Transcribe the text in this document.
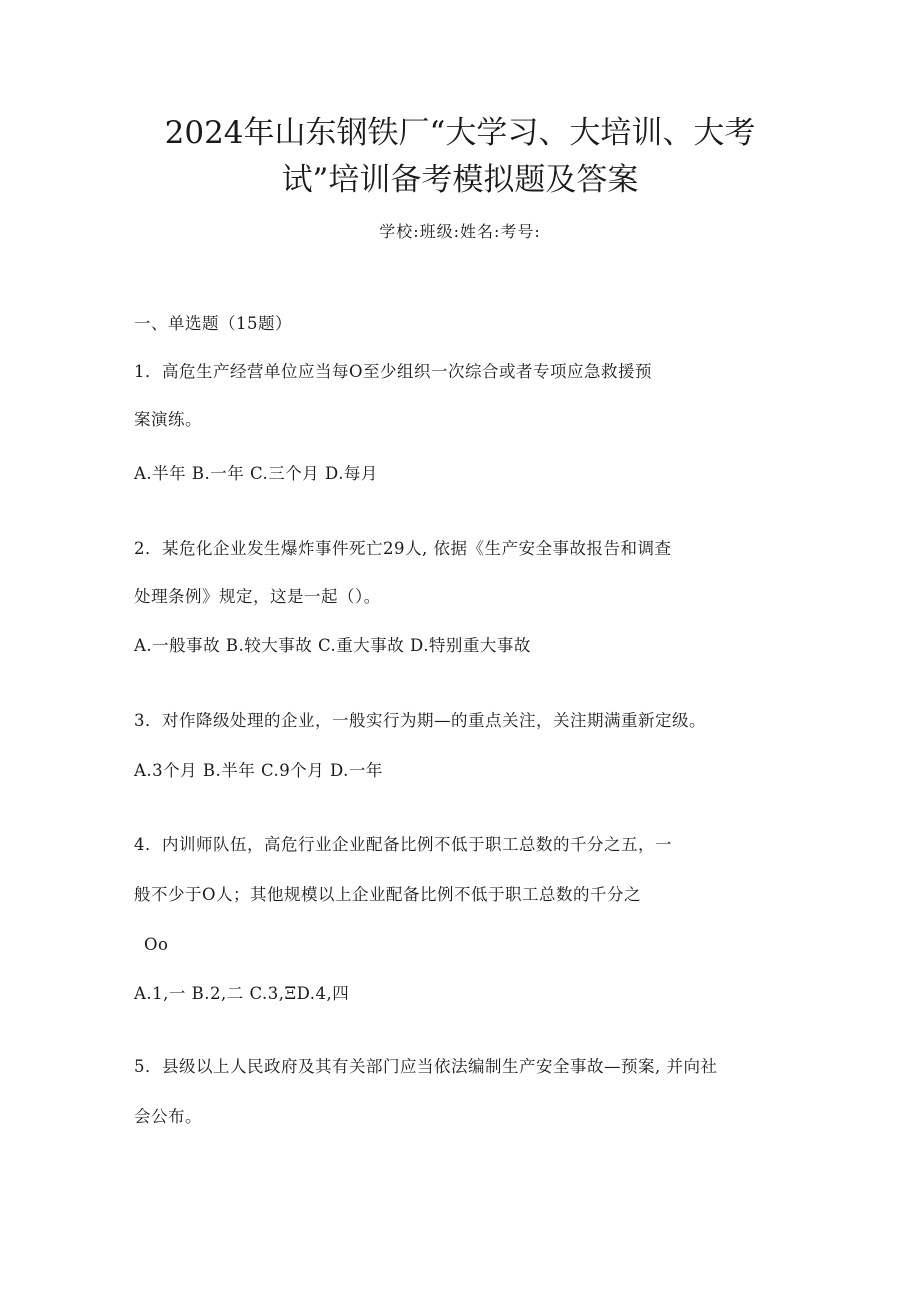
2024年山东钢铁厂“大学习、大培训、大考
试”培训备考模拟题及答案
学校:班级:姓名:考号:
一、单选题（15题）
1．高危生产经营单位应当每O至少组织一次综合或者专项应急救援预
案演练。
A.半年 B.一年 C.三个月 D.每月
2．某危化企业发生爆炸事件死亡29人, 依据《生产安全事故报告和调查
处理条例》规定，这是一起（）。
A.一般事故 B.较大事故 C.重大事故 D.特别重大事故
3．对作降级处理的企业，一般实行为期—的重点关注，关注期满重新定级。
A.3个月 B.半年 C.9个月 D.一年
4．内训师队伍，高危行业企业配备比例不低于职工总数的千分之五，一
般不少于O人；其他规模以上企业配备比例不低于职工总数的千分之
Oo
A.1,一 B.2,二 C.3,ΞD.4,四
5．县级以上人民政府及其有关部门应当依法编制生产安全事故—预案, 并向社
会公布。
